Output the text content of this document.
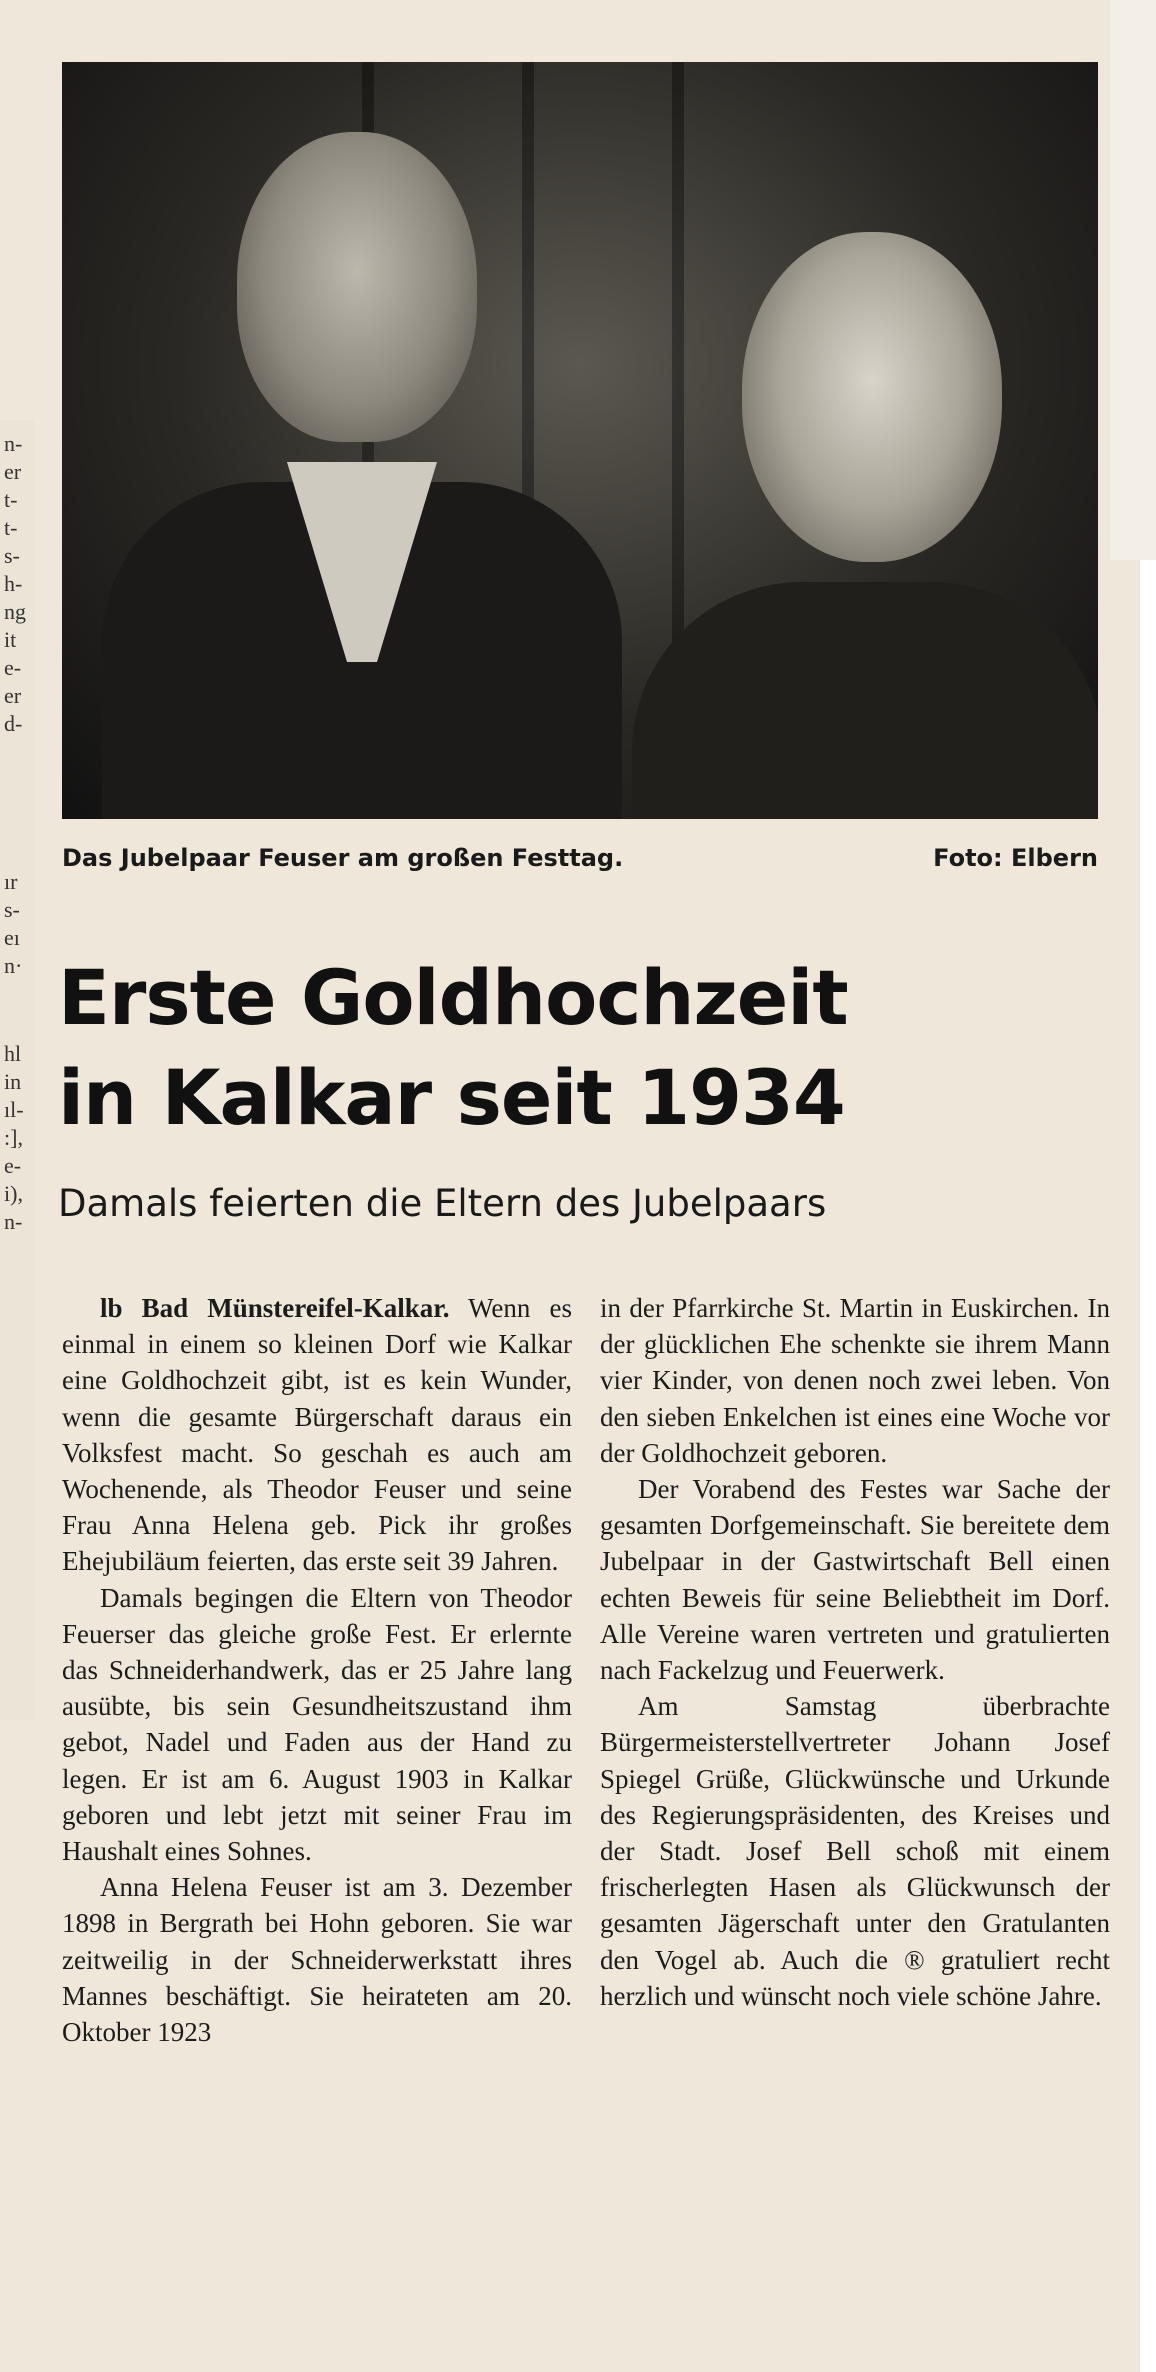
n-
er
t-
t-
s-
h-
ng
it
e-
er
d-
ır
s-
eı
n·
hl
in
ıl-
:],
e-
i),
n-
Das Jubelpaar Feuser am großen Festtag.	Foto: Elbern
Erste Goldhochzeit
in Kalkar seit 1934
Damals feierten die Eltern des Jubelpaars

lb Bad Münstereifel-Kalkar. Wenn es einmal in einem so kleinen Dorf wie Kalkar eine Goldhochzeit gibt, ist es kein Wunder, wenn die gesamte Bürgerschaft daraus ein Volksfest macht. So geschah es auch am Wochenende, als Theodor Feuser und seine Frau Anna Helena geb. Pick ihr großes Ehejubiläum feierten, das erste seit 39 Jahren.

Damals begingen die Eltern von Theodor Feuerser das gleiche große Fest. Er erlernte das Schneiderhandwerk, das er 25 Jahre lang ausübte, bis sein Gesundheitszustand ihm gebot, Nadel und Faden aus der Hand zu legen. Er ist am 6. August 1903 in Kalkar geboren und lebt jetzt mit seiner Frau im Haushalt eines Sohnes.

Anna Helena Feuser ist am 3. Dezember 1898 in Bergrath bei Hohn geboren. Sie war zeitweilig in der Schneiderwerkstatt ihres Mannes beschäftigt. Sie heirateten am 20. Oktober 1923

in der Pfarrkirche St. Martin in Euskirchen. In der glücklichen Ehe schenkte sie ihrem Mann vier Kinder, von denen noch zwei leben. Von den sieben Enkelchen ist eines eine Woche vor der Goldhochzeit geboren.

Der Vorabend des Festes war Sache der gesamten Dorfgemeinschaft. Sie bereitete dem Jubelpaar in der Gastwirtschaft Bell einen echten Beweis für seine Beliebtheit im Dorf. Alle Vereine waren vertreten und gratulierten nach Fackelzug und Feuerwerk.

Am Samstag überbrachte Bürgermeisterstellvertreter Johann Josef Spiegel Grüße, Glückwünsche und Urkunde des Regierungspräsidenten, des Kreises und der Stadt. Josef Bell schoß mit einem frischerlegten Hasen als Glückwunsch der gesamten Jägerschaft unter den Gratulanten den Vogel ab. Auch die ® gratuliert recht herzlich und wünscht noch viele schöne Jahre.
